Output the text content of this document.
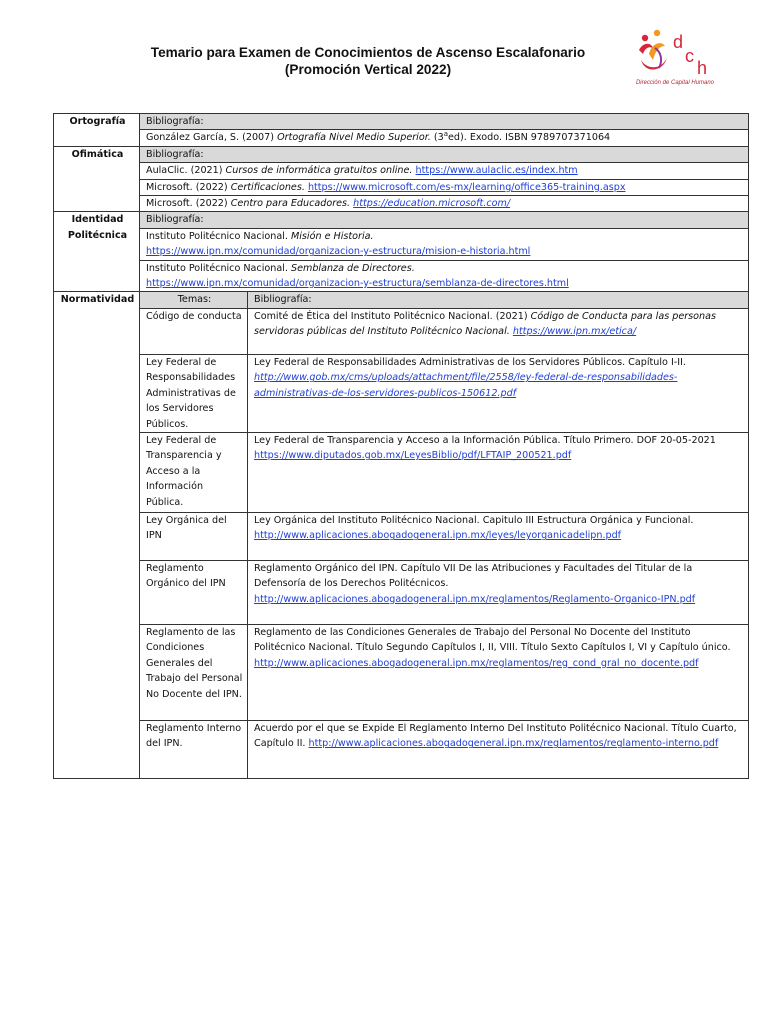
Temario para Examen de Conocimientos de Ascenso Escalafonario
(Promoción Vertical 2022)
d
c
h
Dirección de Capital Humano
Ortografía	Bibliografía:	
	González García, S. (2007) Ortografía Nivel Medio Superior. (3$^a$ed). Exodo. ISBN 9789707371064	
Ofimática	Bibliografía:	
	AulaClic. (2021) Cursos de informática gratuitos online. https://www.aulaclic.es/index.htm	
	Microsoft. (2022) Certificaciones. https://www.microsoft.com/es-mx/learning/office365-training.aspx	
	Microsoft. (2022) Centro para Educadores. https://education.microsoft.com/	

Identidad
Politécnica	Bibliografía:	
	Instituto Politécnico Nacional. Misión e Historia.
https://www.ipn.mx/comunidad/organizacion-y-estructura/mision-e-historia.html	
	Instituto Politécnico Nacional. Semblanza de Directores.
https://www.ipn.mx/comunidad/organizacion-y-estructura/semblanza-de-directores.html	
Normatividad	Temas:	Bibliografía:
	Código de conducta	Comité de Ética del Instituto Politécnico Nacional. (2021) Código de Conducta para las personas servidoras públicas del Instituto Politécnico Nacional. https://www.ipn.mx/etica/
	Ley Federal de Responsabilidades Administrativas de los Servidores Públicos.	Ley Federal de Responsabilidades Administrativas de los Servidores Públicos. Capítulo I-II. http://www.gob.mx/cms/uploads/attachment/file/2558/ley-federal-de-responsabilidades-administrativas-de-los-servidores-publicos-150612.pdf
	Ley Federal de Transparencia y Acceso a la Información Pública.	Ley Federal de Transparencia y Acceso a la Información Pública. Título Primero. DOF 20-05-2021
https://www.diputados.gob.mx/LeyesBiblio/pdf/LFTAIP_200521.pdf
	Ley Orgánica del IPN	Ley Orgánica del Instituto Politécnico Nacional. Capitulo III Estructura Orgánica y Funcional.
http://www.aplicaciones.abogadogeneral.ipn.mx/leyes/leyorganicadelipn.pdf
	Reglamento Orgánico del IPN	Reglamento Orgánico del IPN. Capítulo VII De las Atribuciones y Facultades del Titular de la Defensoría de los Derechos Politécnicos. http://www.aplicaciones.abogadogeneral.ipn.mx/reglamentos/Reglamento-Organico-IPN.pdf
	Reglamento de las Condiciones Generales del Trabajo del Personal No Docente del IPN.	Reglamento de las Condiciones Generales de Trabajo del Personal No Docente del Instituto Politécnico Nacional. Título Segundo Capítulos I, II, VIII. Título Sexto Capítulos I, VI y Capítulo único. http://www.aplicaciones.abogadogeneral.ipn.mx/reglamentos/reg_cond_gral_no_docente.pdf
	Reglamento Interno del IPN.	Acuerdo por el que se Expide El Reglamento Interno Del Instituto Politécnico Nacional. Título Cuarto, Capítulo II. http://www.aplicaciones.abogadogeneral.ipn.mx/reglamentos/reglamento-interno.pdf
